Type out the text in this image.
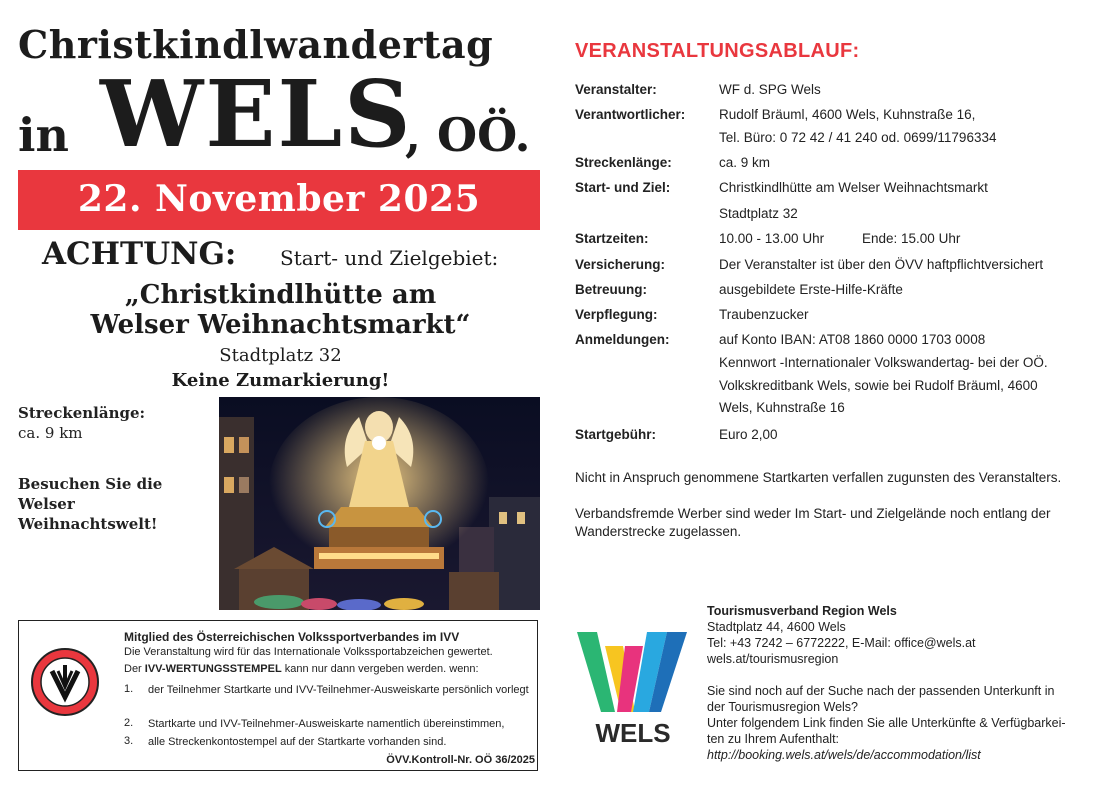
Christkindlwandertag
WELS
in	, OÖ.
22. November 2025
ACHTUNG: Start- und Zielgebiet:
„Christkindlhütte am
Welser Weihnachtsmarkt“
Stadtplatz 32
Keine Zumarkierung!
Streckenlänge:
ca. 9 km
Besuchen Sie die Welser Weihnachtswelt!
Mitglied des Österreichischen Volkssportverbandes im IVV
Die Veranstaltung wird für das Internationale Volkssportabzeichen gewertet.
Der IVV-WERTUNGSSTEMPEL kann nur dann vergeben werden. wenn:
1. der Teilnehmer Startkarte und IVV-Teilnehmer-Ausweiskarte persönlich vorlegt
2. Startkarte und IVV-Teilnehmer-Ausweiskarte namentlich übereinstimmen,
3. alle Streckenkontostempel auf der Startkarte vorhanden sind.
ÖVV.Kontroll-Nr. OÖ 36/2025
VERANSTALTUNGSABLAUF:
Veranstalter:	WF d. SPG Wels
Verantwortlicher: Rudolf Bräuml, 4600 Wels, Kuhnstraße 16,
Tel. Büro: 0 72 42 / 41 240 od. 0699/11796334
Streckenlänge:	ca. 9 km
Start- und Ziel:	Christkindlhütte am Welser Weihnachtsmarkt
Stadtplatz 32
Startzeiten:	10.00 - 13.00 Uhr	Ende: 15.00 Uhr
Versicherung:	Der Veranstalter ist über den ÖVV haftpflichtversichert
Betreuung:	ausgebildete Erste-Hilfe-Kräfte
Verpflegung:	Traubenzucker
Anmeldungen:	auf Konto IBAN: AT08 1860 0000 1703 0008
Kennwort -Internationaler Volkswandertag- bei der OÖ.
Volkskreditbank Wels, sowie bei Rudolf Bräuml, 4600
Wels, Kuhnstraße 16
Startgebühr:	Euro 2,00
Nicht in Anspruch genommene Startkarten verfallen zugunsten des Veranstalters.
Verbandsfremde Werber sind weder Im Start- und Zielgelände noch entlang der Wanderstrecke zugelassen.
WELS
Tourismusverband Region Wels
Stadtplatz 44, 4600 Wels
Tel: +43 7242 – 6772222, E-Mail: office@wels.at
wels.at/tourismusregion
Sie sind noch auf der Suche nach der passenden Unterkunft in
der Tourismusregion Wels?
Unter folgendem Link finden Sie alle Unterkünfte & Verfügbarkei-
ten zu Ihrem Aufenthalt:
http://booking.wels.at/wels/de/accommodation/list
